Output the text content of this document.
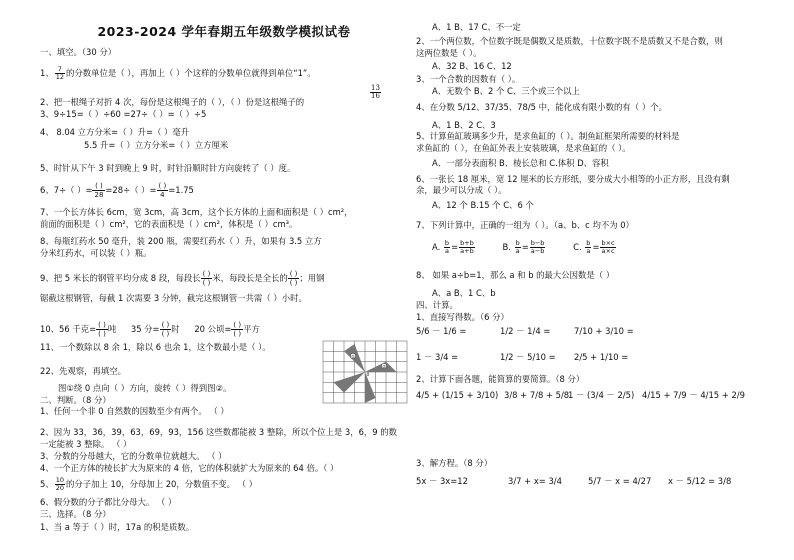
2023-2024 学年春期五年级数学模拟试卷
一、填空。（30 分）
1、 $\frac{7}{12}$ 的分数单位是（ ），再加上（ ）个这样的分数单位就得到单位“1”。
2、把一根绳子对折 4 次，每份是这根绳子的（ ），（ ）份是这根绳子的
$\frac{13}{16}$
3、9÷15=（ ）÷60 =27÷（ ）=（ ）÷5
4、 8.04 立方分米=（ ）升=（ ）毫升
5.5 升=（ ）立方分米=（ ）立方厘米
5、时针从下午 3 时到晚上 9 时，时针沿顺时针方向旋转了（ ）度。
6、7÷（ ）= $\frac{( )}{28} =28\div$（ ）= $\frac{( )}{4} =1.75$
7、一个长方体长 6cm，宽 3cm，高 3cm，这个长方体的上面和面积是（ ）cm²，
前面的面积是（ ）cm²，它的表面积是（ ）cm²，体积是（ ）cm³。
8、每瓶红药水 50 毫升，装 200 瓶，需要红药水（ ）升，如果有 3.5 立方
分米红药水，可以装（ ）瓶。
9、把 5 米长的钢管平均分成 8 段，每段长 $\frac{( )}{( )}$ 米，每段长是全长的 $\frac{( )}{( )}$ ；用钢
锯截这根钢管，每截 1 次需要 3 分钟，截完这根钢管一共需（ ）小时。
10、56 千克= $\frac{( )}{( )}$ 吨 35 分= $\frac{( )}{( )}$ 时 20 公顷= $\frac{( )}{( )}$ 平方
11、一个数除以 8 余 1，除以 6 也余 1，这个数最小是（ ）。
22、先观察，再填空。
图①绕 0 点向（ ）方向，旋转（ ）得到图②。
二、判断。（8 分）
1、任何一个非 0 自然数的因数至少有两个。 （ ）
2、因为 33，36，39，63，69，93，156 这些数都能被 3 整除，所以个位上是 3，6，9 的数
一定能被 3 整除。 （ ）
3、分数的分母越大，它的分数单位就越大。 （ ）
4、一个正方体的棱长扩大为原来的 4 倍，它的体积就扩大为原来的 64 倍。（ ）
5、 $\frac{10}{20}$ 的分子加上 10，分母加上 20，分数值不变。 （ ）
6、假分数的分子都比分母大。 （ ）
三、选择。（8 分）
1、当 a 等于（ ）时，17a 的积是质数。
①
②
0
A、1 B、17 C、不一定
2、一个两位数，个位数字既是偶数又是质数，十位数字既不是质数又不是合数，则
这两位数是（ ）。
A、32 B、16 C、12
3、一个合数的因数有（ ）。
A、无数个 B、2 个 C、三个或三个以上
4、在分数 5/12、37/35、78/5 中，能化成有限小数的有（ ）个。
A、1 B、2 C、3
5、计算鱼缸玻璃多少升，是求鱼缸的（ ）。制鱼缸框架所需要的材料是
求鱼缸的（ ），在鱼缸外表上安装玻璃，是求鱼缸的（ ）。
A、一部分表面积 B、棱长总和 C.体积 D、容积
6、一张长 18 厘米，宽 12 厘米的长方形纸，要分成大小相等的小正方形，且没有剩
余，最少可以分成（ ）。
A、12 个 B.15 个 C、6 个
7、下列计算中，正确的一组为（ ）。（a、b、c 均不为 0）
A. $\frac{b}{a} = \frac{b+b}{a+b}$	B. $\frac{b}{a} = \frac{b-b}{a-b}$	C. $\frac{b}{a} = \frac{b\times c}{a\times c}$
8、 如果 a÷b=1，那么 a 和 b 的最大公因数是（ ）
A、a B、1 C、b
四、计算。
1、直接写得数。（6 分）
5/6 － 1/6 =	1/2 － 1/4 =	7/10 + 3/10 =
1 － 3/4 =	1/2 － 5/10 = 2/5 + 1/10 =
2、计算下面各题，能简算的要简算。（8 分）
4/5 + (1/15 + 3/10) 3/8 + 7/8 + 5/8
1 － (3/4 － 2/5) 4/15 + 7/9 － 4/15 + 2/9
3、解方程。（8 分）
5x － 3x=12	3/7 + x= 3/4	5/7 － x = 4/27 x － 5/12 = 3/8
